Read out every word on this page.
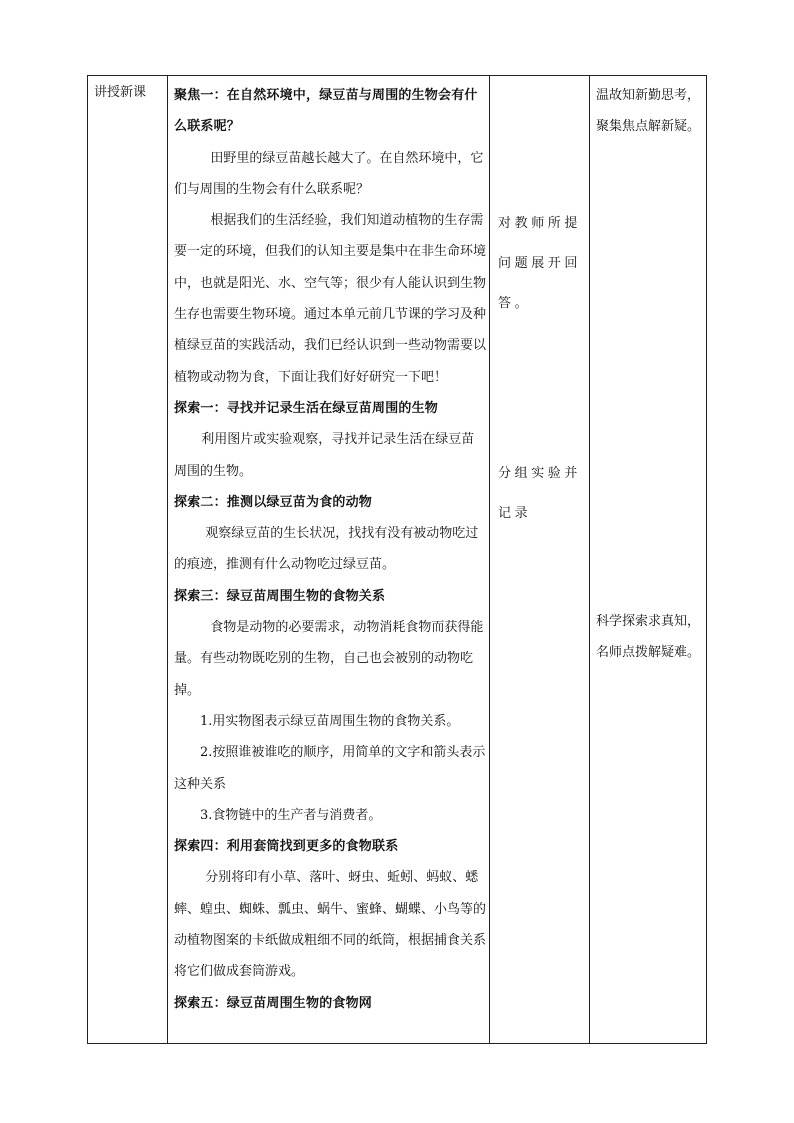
讲授新课 聚焦一：在自然环境中，绿豆苗与周围的生物会有什么联系呢？

田野里的绿豆苗越长越大了。在自然环境中，它们与周围的生物会有什么联系呢？

根据我们的生活经验，我们知道动植物的生存需要一定的环境，但我们的认知主要是集中在非生命环境中，也就是阳光、水、空气等；很少有人能认识到生物生存也需要生物环境。通过本单元前几节课的学习及种植绿豆苗的实践活动，我们已经认识到一些动物需要以植物或动物为食，下面让我们好好研究一下吧！

探索一：寻找并记录生活在绿豆苗周围的生物

利用图片或实验观察，寻找并记录生活在绿豆苗周围的生物。

探索二：推测以绿豆苗为食的动物

观察绿豆苗的生长状况，找找有没有被动物吃过的痕迹，推测有什么动物吃过绿豆苗。

探索三：绿豆苗周围生物的食物关系

食物是动物的必要需求，动物消耗食物而获得能量。有些动物既吃别的生物，自己也会被别的动物吃掉。

1.用实物图表示绿豆苗周围生物的食物关系。

2.按照谁被谁吃的顺序，用简单的文字和箭头表示这种关系

3.食物链中的生产者与消费者。

探索四：利用套筒找到更多的食物联系

分别将印有小草、落叶、蚜虫、蚯蚓、蚂蚁、蟋蟀、蝗虫、蜘蛛、瓢虫、蜗牛、蜜蜂、蝴蝶、小鸟等的动植物图案的卡纸做成粗细不同的纸筒，根据捕食关系将它们做成套筒游戏。

探索五：绿豆苗周围生物的食物网

对教师所提问题展开回答。
分组实验并记录
温故知新勤思考，聚集焦点解新疑。
科学探索求真知，名师点拨解疑难。
